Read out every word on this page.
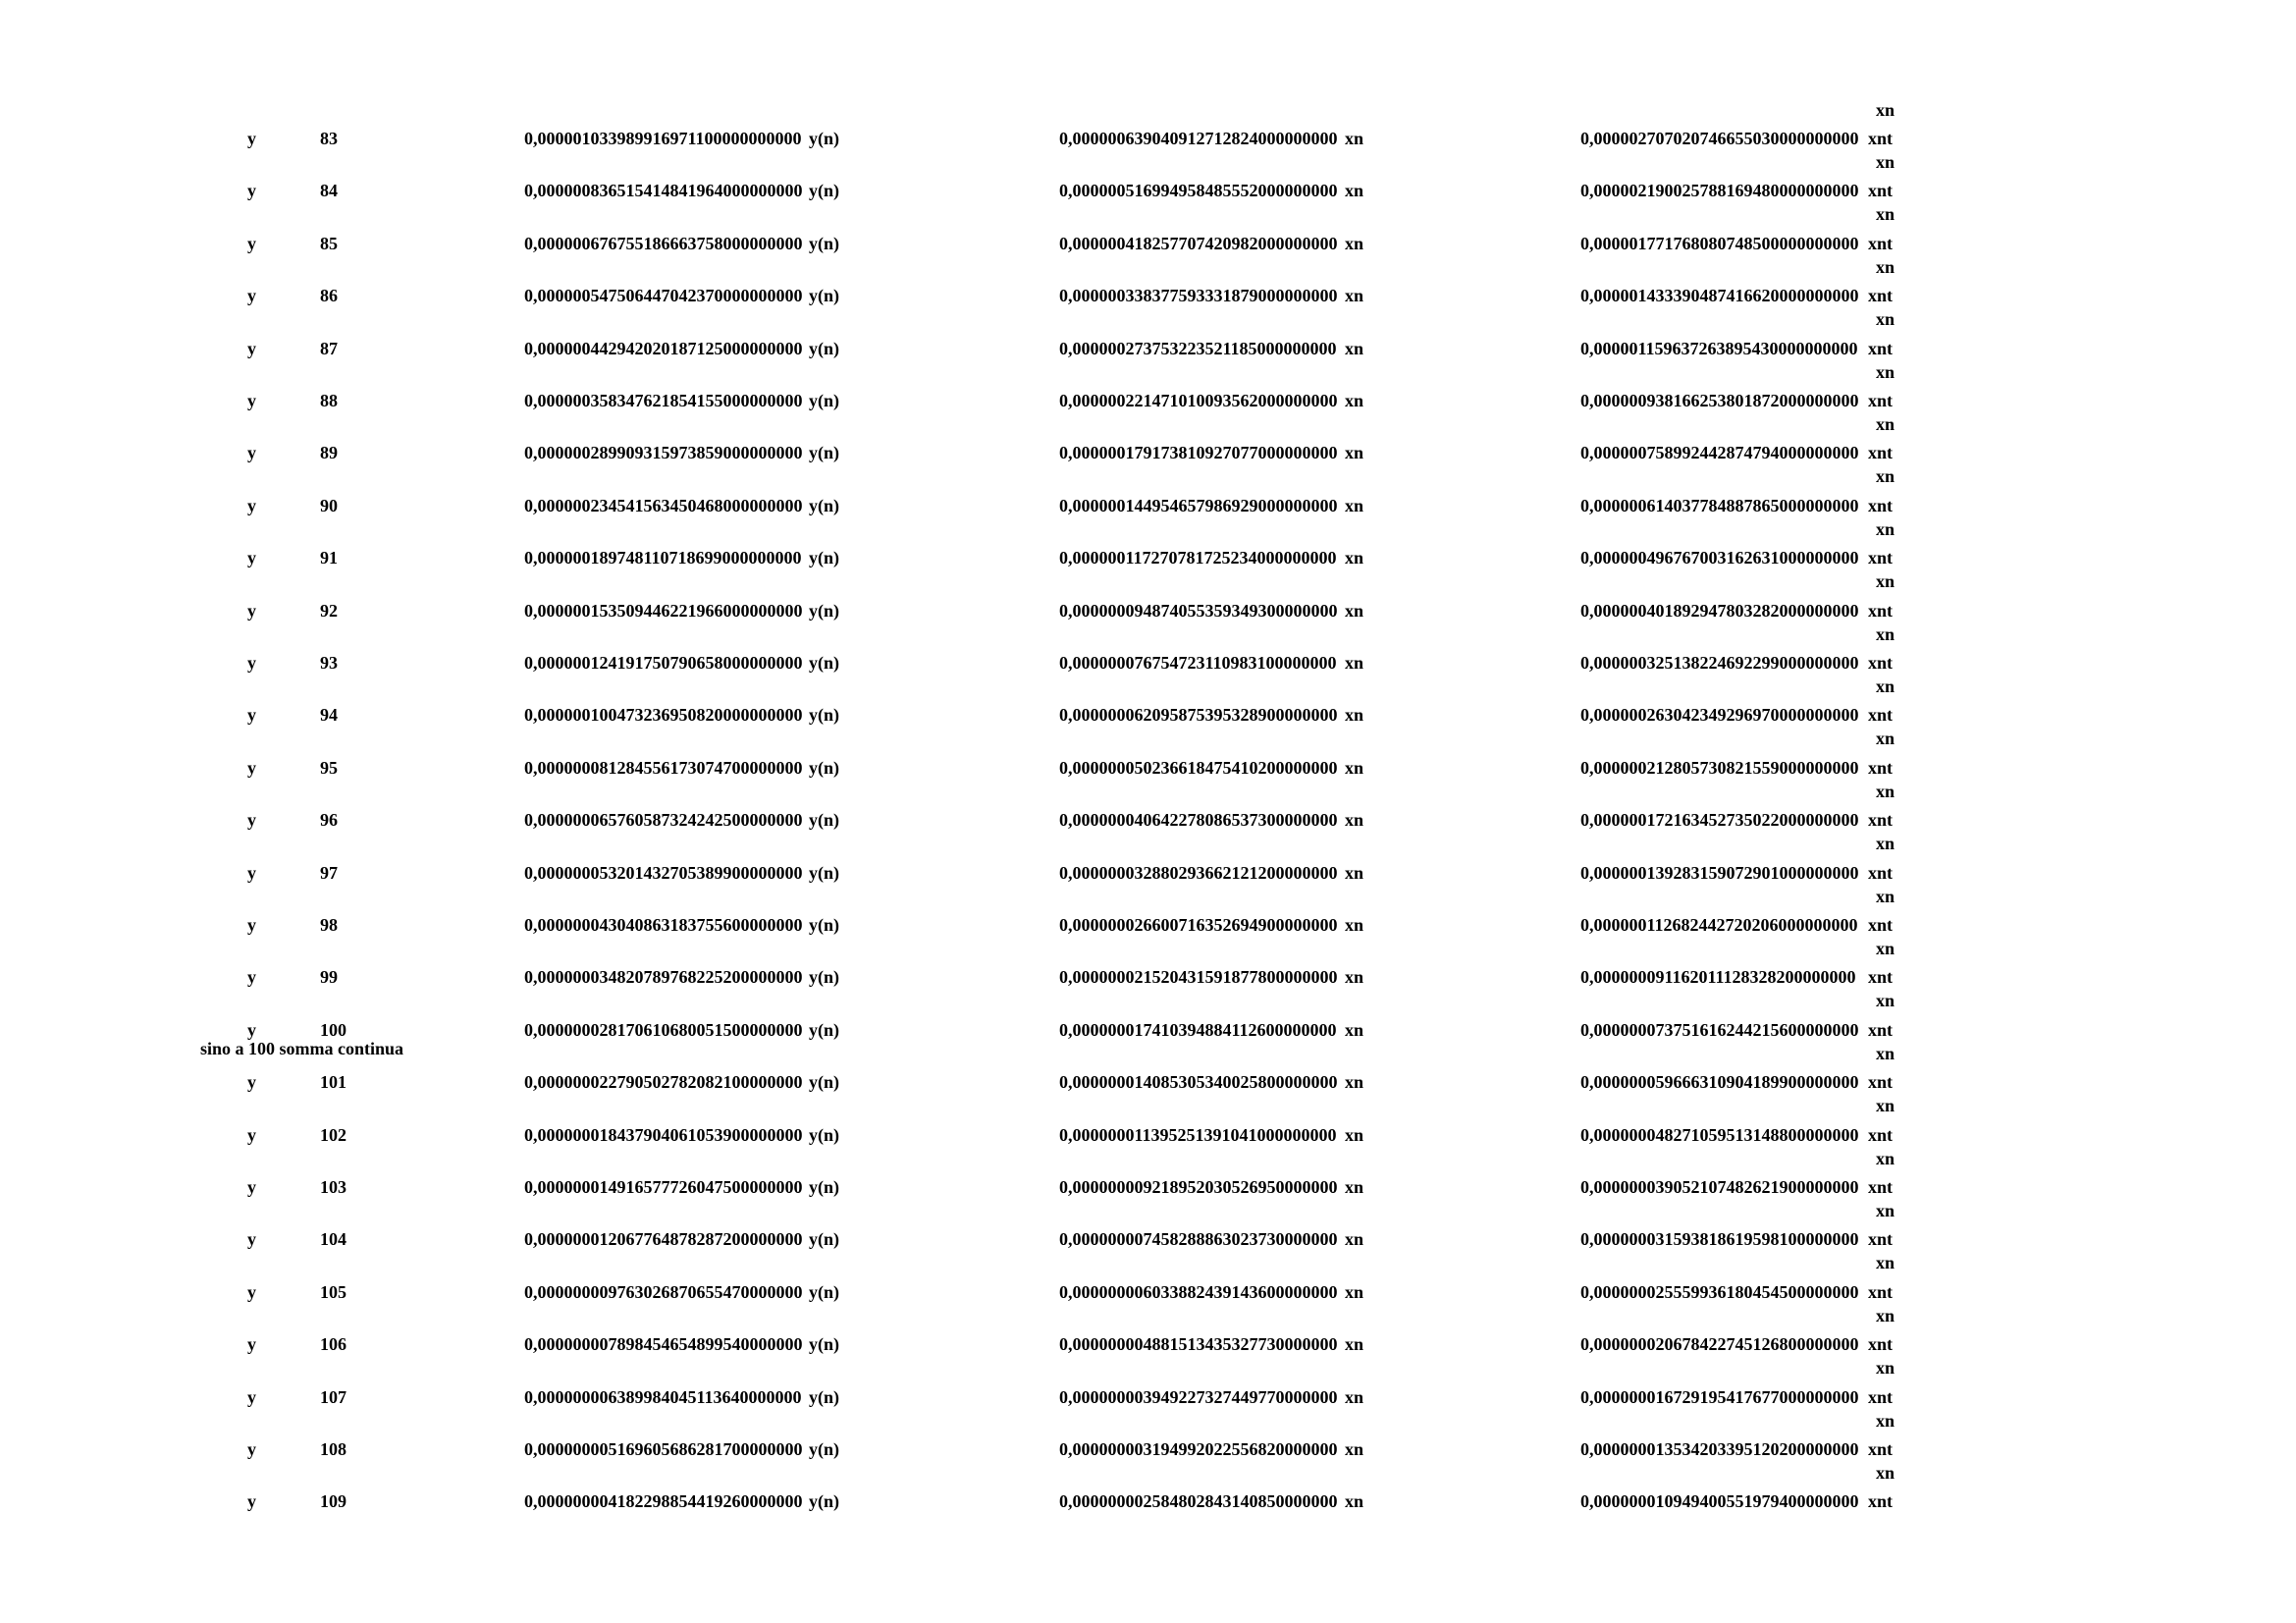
xn
sino a 100 somma continua
y	83	0,000001033989916971100000000000 y(n)	0,000000639040912712824000000000 xn	0,000002707020746655030000000000 xnt
xn
y	84	0,000000836515414841964000000000 y(n)	0,000000516994958485552000000000 xn	0,000002190025788169480000000000 xnt
xn
y	85	0,000000676755186663758000000000 y(n)	0,000000418257707420982000000000 xn	0,000001771768080748500000000000 xnt
xn
y	86	0,000000547506447042370000000000 y(n)	0,000000338377593331879000000000 xn	0,000001433390487416620000000000 xnt
xn
y	87	0,000000442942020187125000000000 y(n)	0,000000273753223521185000000000 xn	0,000001159637263895430000000000 xnt
xn
y	88	0,000000358347621854155000000000 y(n)	0,000000221471010093562000000000 xn	0,000000938166253801872000000000 xnt
xn
y	89	0,000000289909315973859000000000 y(n)	0,000000179173810927077000000000 xn	0,000000758992442874794000000000 xnt
xn
y	90	0,000000234541563450468000000000 y(n)	0,000000144954657986929000000000 xn	0,000000614037784887865000000000 xnt
xn
y	91	0,000000189748110718699000000000 y(n)	0,000000117270781725234000000000 xn	0,000000496767003162631000000000 xnt
xn
y	92	0,000000153509446221966000000000 y(n)	0,000000094874055359349300000000 xn	0,000000401892947803282000000000 xnt
xn
y	93	0,000000124191750790658000000000 y(n)	0,000000076754723110983100000000 xn	0,000000325138224692299000000000 xnt
xn
y	94	0,000000100473236950820000000000 y(n)	0,000000062095875395328900000000 xn	0,000000263042349296970000000000 xnt
xn
y	95	0,000000081284556173074700000000 y(n)	0,000000050236618475410200000000 xn	0,000000212805730821559000000000 xnt
xn
y	96	0,000000065760587324242500000000 y(n)	0,000000040642278086537300000000 xn	0,000000172163452735022000000000 xnt
xn
y	97	0,000000053201432705389900000000 y(n)	0,000000032880293662121200000000 xn	0,000000139283159072901000000000 xnt
xn
y	98	0,000000043040863183755600000000 y(n)	0,000000026600716352694900000000 xn	0,000000112682442720206000000000 xnt
xn
y	99	0,000000034820789768225200000000 y(n)	0,000000021520431591877800000000 xn	0,000000091162011128328200000000 xnt
xn
y	100	0,000000028170610680051500000000 y(n)	0,000000017410394884112600000000 xn	0,000000073751616244215600000000 xnt
xn
y	101	0,000000022790502782082100000000 y(n)	0,000000014085305340025800000000 xn	0,000000059666310904189900000000 xnt
xn
y	102	0,000000018437904061053900000000 y(n)	0,000000011395251391041000000000 xn	0,000000048271059513148800000000 xnt
xn
y	103	0,000000014916577726047500000000 y(n)	0,000000009218952030526950000000 xn	0,000000039052107482621900000000 xnt
xn
y	104	0,000000012067764878287200000000 y(n)	0,000000007458288863023730000000 xn	0,000000031593818619598100000000 xnt
xn
y	105	0,000000009763026870655470000000 y(n)	0,000000006033882439143600000000 xn	0,000000025559936180454500000000 xnt
xn
y	106	0,000000007898454654899540000000 y(n)	0,000000004881513435327730000000 xn	0,000000020678422745126800000000 xnt
xn
y	107	0,000000006389984045113640000000 y(n)	0,000000003949227327449770000000 xn	0,000000016729195417677000000000 xnt
xn
y	108	0,000000005169605686281700000000 y(n)	0,000000003194992022556820000000 xn	0,000000013534203395120200000000 xnt
xn
y	109	0,000000004182298854419260000000 y(n)	0,000000002584802843140850000000 xn	0,000000010949400551979400000000 xnt
